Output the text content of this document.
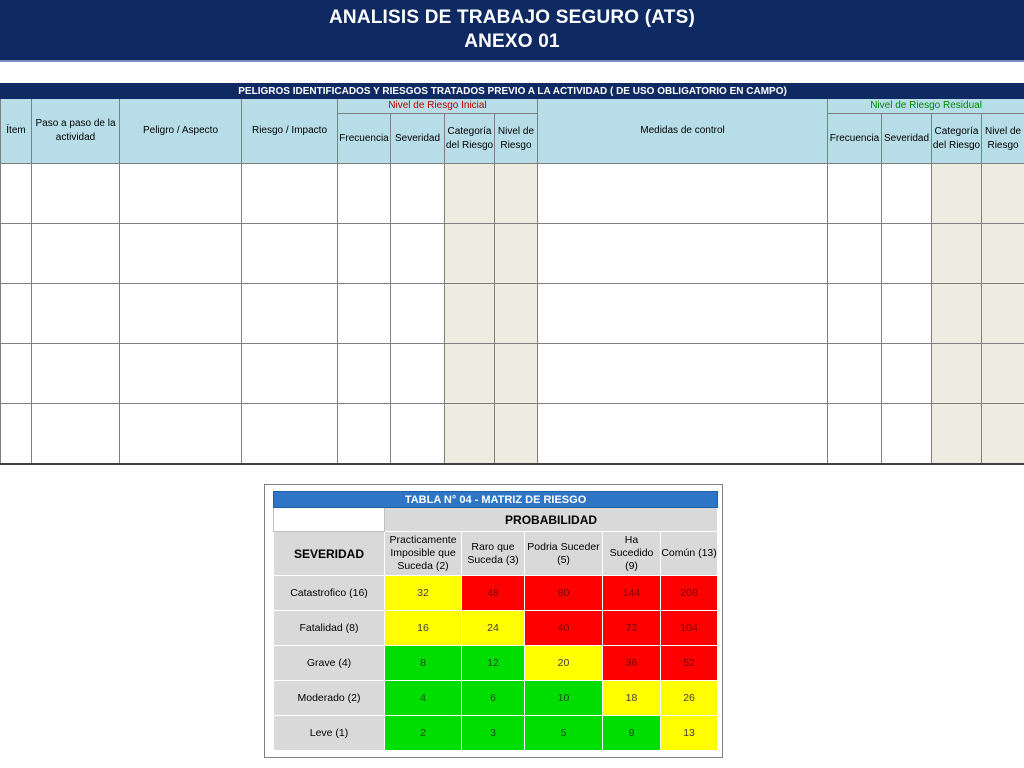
ANALISIS DE TRABAJO SEGURO (ATS)
ANEXO 01
PELIGROS IDENTIFICADOS Y RIESGOS TRATADOS PREVIO A LA ACTIVIDAD ( DE USO OBLIGATORIO EN CAMPO)												
Ítem	Paso a paso de la actividad	Peligro / Aspecto	Riesgo / Impacto	Nivel de Riesgo Inicial				Medidas de control	Nivel de Riesgo Residual			
				Frecuencia	Severidad	Categoría del Riesgo	Nivel de Riesgo		Frecuencia	Severidad	Categoría del Riesgo	Nivel de Riesgo

TABLA N° 04 - MATRIZ DE RIESGO					
	PROBABILIDAD				
SEVERIDAD	Practicamente Imposible que Suceda (2)	Raro que Suceda (3)	Podria Suceder (5)	Ha Sucedido (9)	Común (13)
Catastrofico (16)	32	48	80	144	208
Fatalidad (8)	16	24	40	72	104
Grave (4)	8	12	20	36	52
Moderado (2)	4	6	10	18	26
Leve (1)	2	3	5	9	13
